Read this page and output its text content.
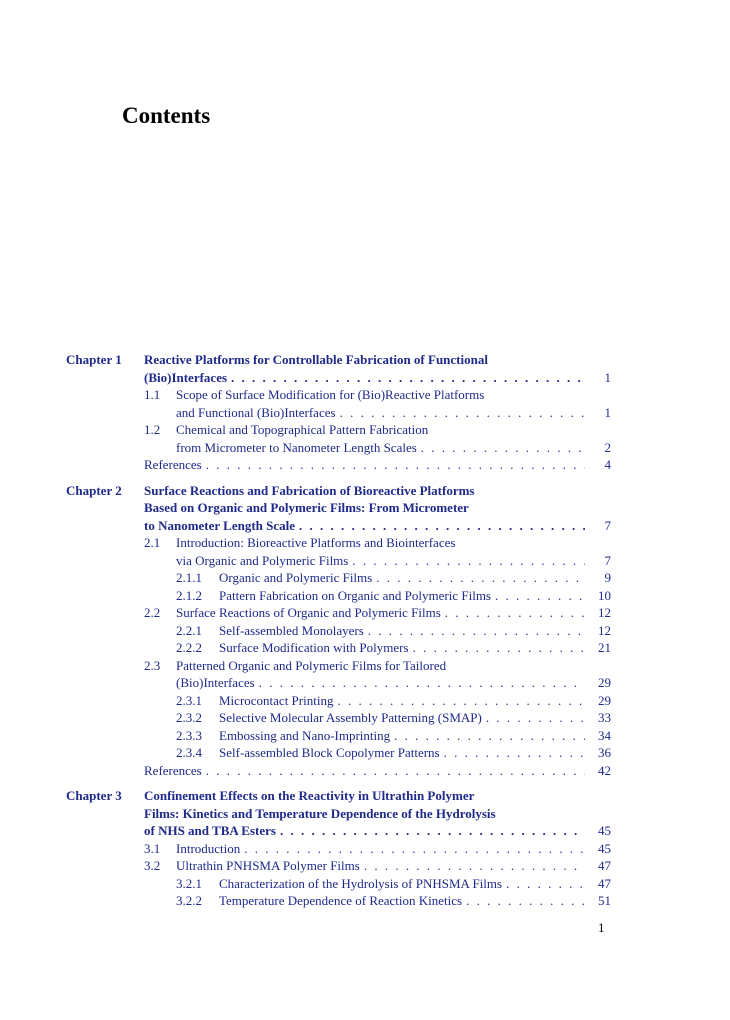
Contents
Chapter 1	Reactive Platforms for Controllable Fabrication of Functional
(Bio)Interfaces . . .	1
1.1	Scope of Surface Modification for (Bio)Reactive Platforms
and Functional (Bio)Interfaces . . .	1
1.2	Chemical and Topographical Pattern Fabrication
from Micrometer to Nanometer Length Scales . . .	2
References . . .	4
Chapter 2	Surface Reactions and Fabrication of Bioreactive Platforms
Based on Organic and Polymeric Films: From Micrometer
to Nanometer Length Scale . . .	7
2.1	Introduction: Bioreactive Platforms and Biointerfaces
via Organic and Polymeric Films . . .	7
2.1.1	Organic and Polymeric Films . . .	9
2.1.2	Pattern Fabrication on Organic and Polymeric Films . . .	10
2.2	Surface Reactions of Organic and Polymeric Films . . .	12
2.2.1	Self-assembled Monolayers . . .	12
2.2.2	Surface Modification with Polymers . . .	21
2.3	Patterned Organic and Polymeric Films for Tailored
(Bio)Interfaces . . .	29
2.3.1	Microcontact Printing . . .	29
2.3.2	Selective Molecular Assembly Patterning (SMAP) . . .	33
2.3.3	Embossing and Nano-Imprinting . . .	34
2.3.4	Self-assembled Block Copolymer Patterns . . .	36
References . . .	42
Chapter 3	Confinement Effects on the Reactivity in Ultrathin Polymer
Films: Kinetics and Temperature Dependence of the Hydrolysis
of NHS and TBA Esters . . .	45
3.1	Introduction . . .	45
3.2	Ultrathin PNHSMA Polymer Films . . .	47
3.2.1	Characterization of the Hydrolysis of PNHSMA Films . . .	47
3.2.2	Temperature Dependence of Reaction Kinetics . . .	51
1
